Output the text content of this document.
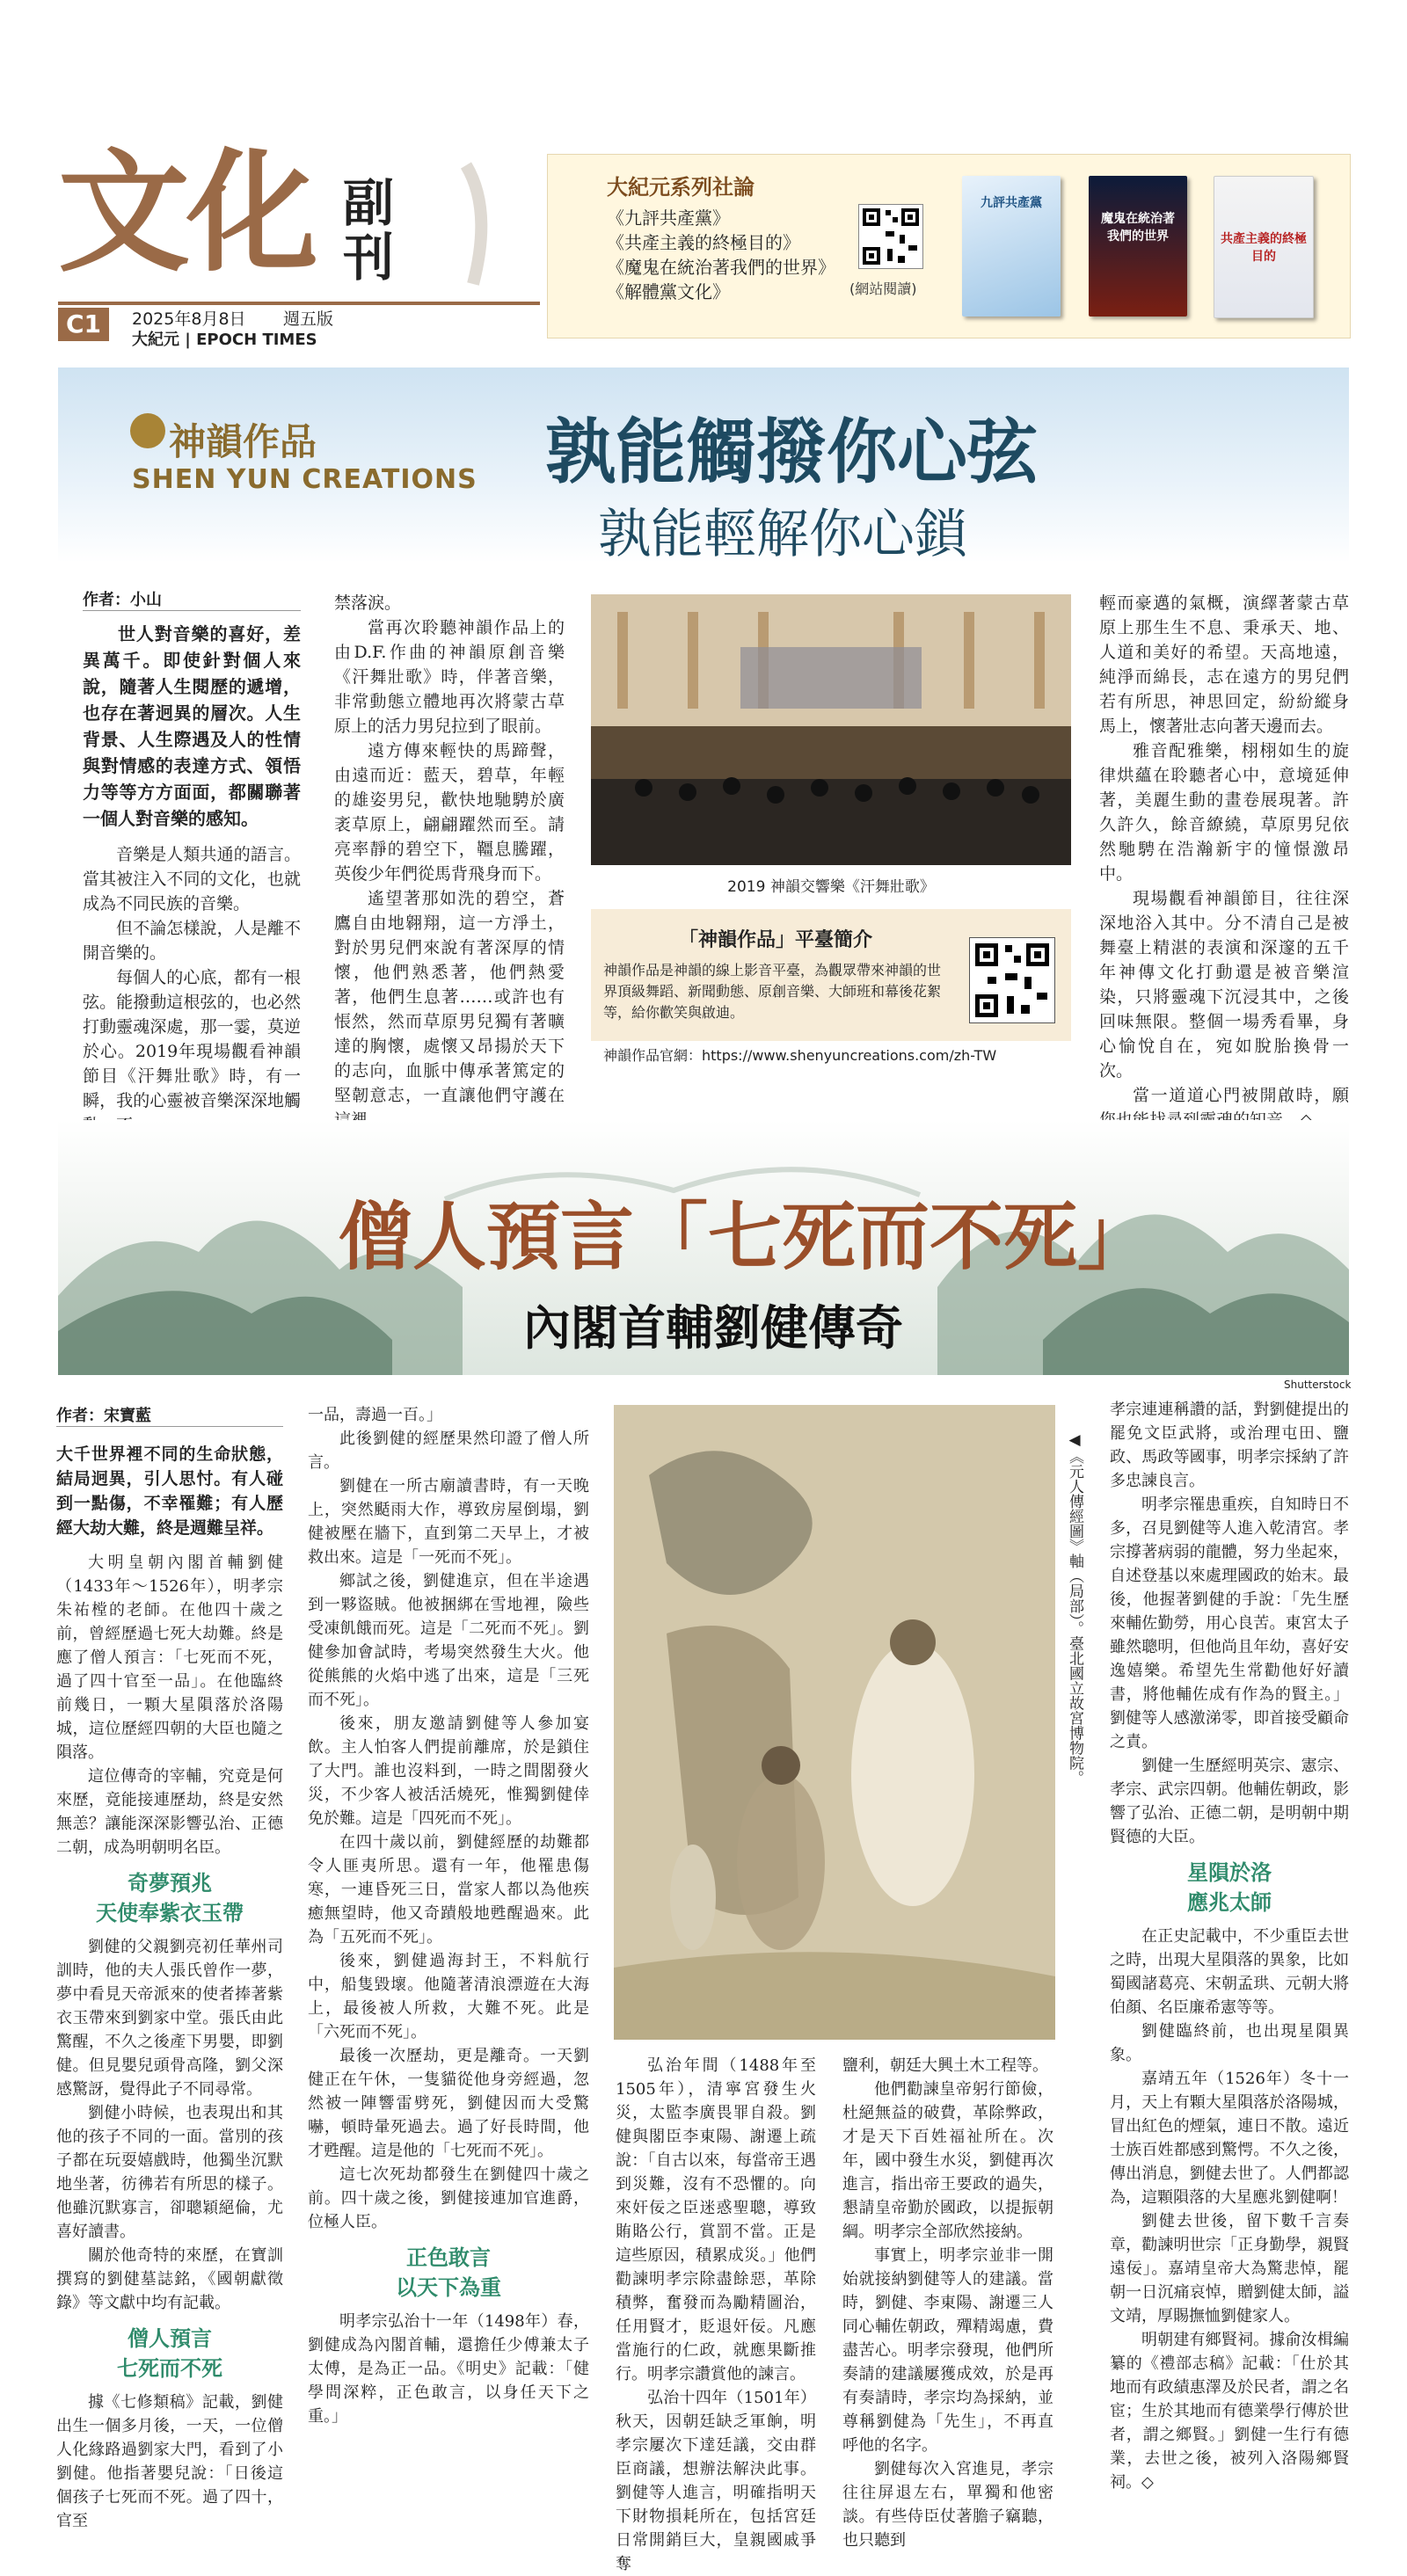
文化 副刊
C1	2025年8月8日 週五版
大紀元 | EPOCH TIMES
大紀元系列社論
《九評共產黨》
《共產主義的終極目的》
《魔鬼在統治著我們的世界》
《解體黨文化》	(網站閱讀)
九評共產黨
魔鬼在統治著我們的世界	共產主義的終極目的
神韻作品
SHEN YUN CREATIONS 孰能觸撥你心弦
孰能輕解你心鎖
作者：小山

世人對音樂的喜好，差異萬千。即使針對個人來說，隨著人生閱歷的遞增，也存在著迥異的層次。人生背景、人生際遇及人的性情與對情感的表達方式、領悟力等等方方面面，都關聯著一個人對音樂的感知。

音樂是人類共通的語言。當其被注入不同的文化，也就成為不同民族的音樂。

但不論怎樣說，人是離不開音樂的。

每個人的心底，都有一根弦。能撥動這根弦的，也必然打動靈魂深處，那一霎，莫逆於心。2019年現場觀看神韻節目《汗舞壯歌》時，有一瞬，我的心靈被音樂深深地觸

禁落淚。

當再次聆聽神韻作品上的由D.F.作曲的神韻原創音樂《汗舞壯歌》時，伴著音樂，非常動態立體地再次將蒙古草原上的活力男兒拉到了眼前。

遠方傳來輕快的馬蹄聲，由遠而近：藍天，碧草，年輕的雄姿男兒，歡快地馳騁於廣袤草原上，翩翩躍然而至。請亮率靜的碧空下，韁息騰躍，英俊少年們從馬背飛身而下。

遙望著那如洗的碧空，蒼鷹自由地翱翔，這一方淨土，對於男兒們來說有著深厚的情懷，他們熟悉著，他們熱愛著，他們生息著……或許也有悵然，然而草原男兒獨有著曠達的胸懷，處懷又昂揚於天下的志向，血脈中傳承著篤定的堅韌意志，一直讓他們守護在

2019 神韻交響樂《汗舞壯歌》
「神韻作品」平臺簡介
神韻作品是神韻的線上影音平臺，為觀眾帶來神韻的世界頂級舞蹈、新聞動態、原創音樂、大師班和幕後花絮等，給你歡笑與啟迪。
神韻作品官網：https://www.shenyuncreations.com/zh-TW

輕而豪邁的氣概，演繹著蒙古草原上那生生不息、秉承天、地、人道和美好的希望。天高地遠，純淨而綿長，志在遠方的男兒們若有所思，神思回定，紛紛縱身馬上，懷著壯志向著天邊而去。

雅音配雅樂，栩栩如生的旋律烘蘊在聆聽者心中，意境延伸著，美麗生動的畫卷展現著。許久許久，餘音繚繞，草原男兒依然馳騁在浩瀚新宇的憧憬激昂中。

現場觀看神韻節目，往往深深地浴入其中。分不清自己是被舞臺上精湛的表演和深邃的五千年神傳文化打動還是被音樂渲染，只將靈魂下沉浸其中，之後回味無限。整個一場秀看畢，身心愉悅自在，宛如脫胎換骨一次。

當一道道心門被開啟時，願

僧人預言「七死而不死」
內閣首輔劉健傳奇
Shutterstock
作者：宋寶藍

大千世界裡不同的生命狀態，結局迥異，引人思忖。有人碰到一點傷，不幸罹難；有人歷經大劫大難，終是週難呈祥。

大明皇朝內閣首輔劉健（1433年～1526年），明孝宗朱祐樘的老師。在他四十歲之前，曾經歷過七死大劫難。終是應了僧人預言：「七死而不死，過了四十官至一品」。在他臨終前幾日，一顆大星隕落於洛陽城，這位歷經四朝的大臣也隨之隕落。

這位傳奇的宰輔，究竟是何來歷，竟能接連歷劫，終是安然無恙？讓能深深影響弘治、正德二朝，成為明朝明名臣。

奇夢預兆
天使奉紫衣玉帶

劉健的父親劉亮初任華州司訓時，他的夫人張氏曾作一夢，夢中看見天帝派來的使者捧著紫衣玉帶來到劉家中堂。張氏由此驚醒，不久之後產下男嬰，即劉健。但見嬰兒頭骨高隆，劉父深感驚訝，覺得此子不同尋常。

劉健小時候，也表現出和其他的孩子不同的一面。當別的孩子都在玩耍嬉戲時，他獨坐沉默地坐著，彷彿若有所思的樣子。他雖沉默寡言，卻聰穎絕倫，尤喜好讀書。

關於他奇特的來歷，在寶訓撰寫的劉健墓誌銘，《國朝獻徵錄》等文獻中均有記載。

僧人預言
七死而不死

據《七修類稿》記載，劉健出生一個多月後，一天，一位僧人化緣路過劉家大門，看到了小劉健。他指著嬰兒說：「日後這個孩子七死而不死。過了四十，官至

一品，壽過一百。」

此後劉健的經歷果然印證了僧人所言。

劉健在一所古廟讀書時，有一天晚上，突然颳雨大作，導致房屋倒塌，劉健被壓在牆下，直到第二天早上，才被救出來。這是「一死而不死」。

鄉試之後，劉健進京，但在半途遇到一夥盜賊。他被捆綁在雪地裡，險些受凍飢餓而死。這是「二死而不死」。劉健參加會試時，考場突然發生大火。他從熊熊的火焰中逃了出來，這是「三死而不死」。

後來，朋友邀請劉健等人參加宴飲。主人怕客人們提前離席，於是鎖住了大門。誰也沒料到，一時之間閣發火災，不少客人被活活燒死，惟獨劉健倖免於難。這是「四死而不死」。

在四十歲以前，劉健經歷的劫難都令人匪夷所思。還有一年，他罹患傷寒，一連昏死三日，當家人都以為他疾癒無望時，他又奇蹟般地甦醒過來。此為「五死而不死」。

後來，劉健過海封王，不料航行中，船隻毀壞。他隨著清浪漂遊在大海上，最後被人所救，大難不死。此是「六死而不死」。

最後一次歷劫，更是離奇。一天劉健正在午休，一隻貓從他身旁經過，忽然被一陣響雷劈死，劉健因而大受驚嚇，頓時暈死過去。過了好長時間，他才甦醒。這是他的「七死而不死」。

這七次死劫都發生在劉健四十歲之前。四十歲之後，劉健接連加官進爵，位極人臣。

正色敢言
以天下為重

明孝宗弘治十一年（1498年）春，劉健成為內閣首輔，還擔任少傅兼太子太傅，是為正一品。《明史》記載：「健學問深粹，正色敢言，以身任天下之重。」

◀《元人傳經圖》軸（局部）。臺北國立故宮博物院。

弘治年間（1488年至1505年），清寧宮發生火災，太監李廣畏罪自殺。劉健與閣臣李東陽、謝遷上疏說：「自古以來，每當帝王遇到災難，沒有不恐懼的。向來奸佞之臣迷惑聖聰，導致賄賂公行，賞罰不當。正是這些原因，積累成災。」他們勸諫明孝宗除盡餘惡，革除積弊，奮發而為勵精圖治，任用賢才，貶退奸佞。凡應當施行的仁政，就應果斷推行。明孝宗讚賞他的諫言。

弘治十四年（1501年）秋天，因朝廷缺乏軍餉，明孝宗屢次下達廷議，交由群臣商議，想辦法解決此事。劉健等人進言，明確指明天下財物損耗所在，包括宮廷日常開銷巨大，皇親國戚爭奪

鹽利，朝廷大興土木工程等。

他們勸諫皇帝躬行節儉，杜絕無益的破費，革除弊政，才是天下百姓福祉所在。次年，國中發生水災，劉健再次進言，指出帝王要政的過失，懇請皇帝勤於國政，以提振朝綱。明孝宗全部欣然接納。

事實上，明孝宗並非一開始就接納劉健等人的建議。當時，劉健、李東陽、謝遷三人同心輔佐朝政，殫精竭慮，費盡苦心。明孝宗發現，他們所奏請的建議屢獲成效，於是再有奏請時，孝宗均為採納，並尊稱劉健為「先生」，不再直呼他的名字。

劉健每次入宮進見，孝宗往往屏退左右，單獨和他密談。有些侍臣仗著膽子竊聽，也只聽到

孝宗連連稱讚的話，對劉健提出的罷免文臣武將，或治理屯田、鹽政、馬政等國事，明孝宗採納了許多忠諫良言。

明孝宗罹患重疾，自知時日不多，召見劉健等人進入乾清宮。孝宗撐著病弱的龍體，努力坐起來，自述登基以來處理國政的始末。最後，他握著劉健的手說：「先生歷來輔佐勤勞，用心良苦。東宮太子雖然聰明，但他尚且年幼，喜好安逸嬉樂。希望先生常勸他好好讀書，將他輔佐成有作為的賢主。」劉健等人感激涕零，即首接受顧命之責。

劉健一生歷經明英宗、憲宗、孝宗、武宗四朝。他輔佐朝政，影響了弘治、正德二朝，是明朝中期賢德的大臣。

星隕於洛
應兆太師

在正史記載中，不少重臣去世之時，出現大星隕落的異象，比如蜀國諸葛亮、宋朝孟珙、元朝大將伯顏、名臣廉希憲等等。

劉健臨終前，也出現星隕異象。

嘉靖五年（1526年）冬十一月，天上有顆大星隕落於洛陽城，冒出紅色的煙氣，連日不散。遠近士族百姓都感到驚愕。不久之後，傳出消息，劉健去世了。人們都認為，這顆隕落的大星應兆劉健啊！

劉健去世後，留下數千言奏章，勸諫明世宗「正身勤學，親賢遠佞」。嘉靖皇帝大為驚悲悼，罷朝一日沉痛哀悼，贈劉健太師，謚文靖，厚賜撫恤劉健家人。

明朝建有鄉賢祠。據俞汝楫編纂的《禮部志稿》記載：「仕於其地而有政績惠澤及於民者，謂之名宦；生於其地而有德業學行傳於世者，謂之鄉賢。」劉健一生行有德業，去世之後，被列入洛陽鄉賢祠。◇
